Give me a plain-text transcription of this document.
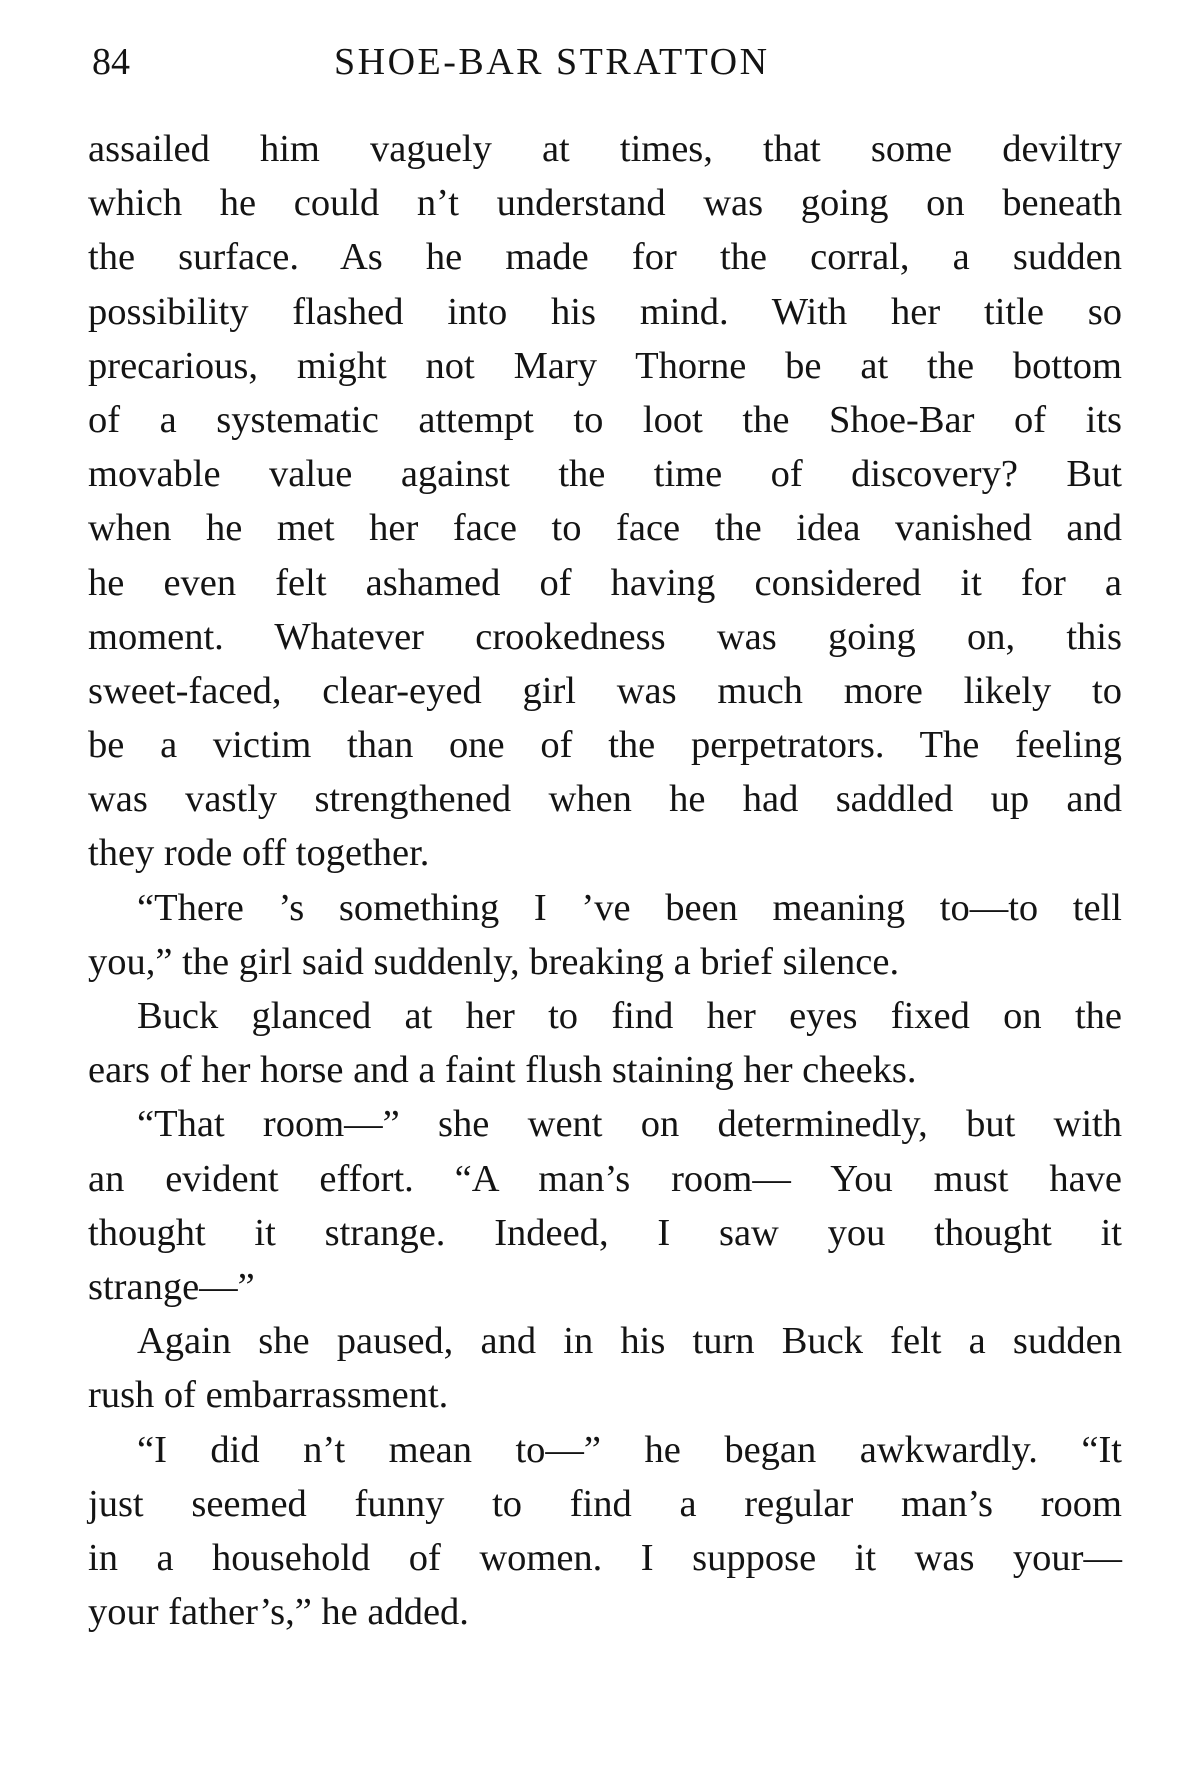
84	SHOE-BAR STRATTON
assailed him vaguely at times, that some deviltry
which he could n’t understand was going on beneath
the surface. As he made for the corral, a sudden
possibility flashed into his mind. With her title so
precarious, might not Mary Thorne be at the bottom
of a systematic attempt to loot the Shoe-Bar of its
movable value against the time of discovery? But
when he met her face to face the idea vanished and
he even felt ashamed of having considered it for a
moment. Whatever crookedness was going on, this
sweet-faced, clear-eyed girl was much more likely to
be a victim than one of the perpetrators. The feeling
was vastly strengthened when he had saddled up and
they rode off together.
“There ’s something I ’ve been meaning to—to tell
you,” the girl said suddenly, breaking a brief silence.
Buck glanced at her to find her eyes fixed on the
ears of her horse and a faint flush staining her cheeks.
“That room—” she went on determinedly, but with
an evident effort. “A man’s room— You must have
thought it strange. Indeed, I saw you thought it
strange—”
Again she paused, and in his turn Buck felt a sudden
rush of embarrassment.
“I did n’t mean to—” he began awkwardly. “It
just seemed funny to find a regular man’s room
in a household of women. I suppose it was your—
your father’s,” he added.
